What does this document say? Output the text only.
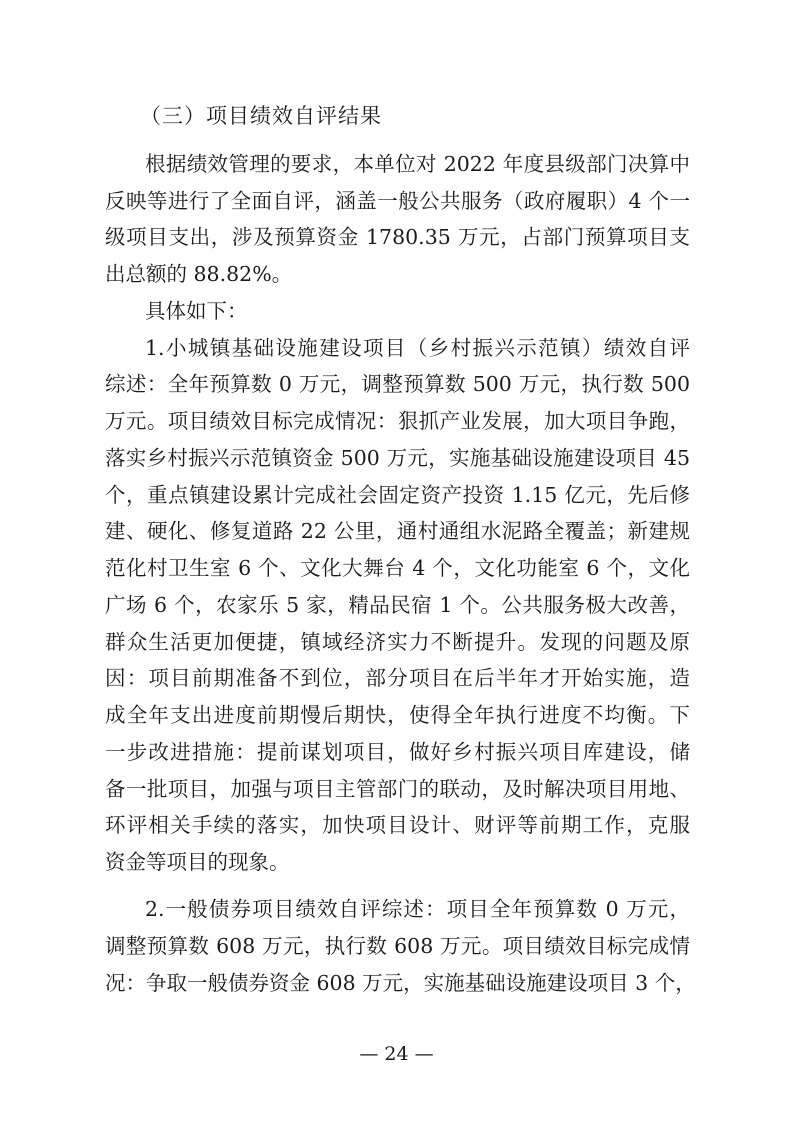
（三）项目绩效自评结果
根据绩效管理的要求，本单位对 2022 年度县级部门决算中
反映等进行了全面自评，涵盖一般公共服务（政府履职）4 个一
级项目支出，涉及预算资金 1780.35 万元，占部门预算项目支
出总额的 88.82%。
具体如下：
1.小城镇基础设施建设项目（乡村振兴示范镇）绩效自评
综述：全年预算数 0 万元，调整预算数 500 万元，执行数 500
万元。项目绩效目标完成情况：狠抓产业发展，加大项目争跑，
落实乡村振兴示范镇资金 500 万元，实施基础设施建设项目 45
个，重点镇建设累计完成社会固定资产投资 1.15 亿元，先后修
建、硬化、修复道路 22 公里，通村通组水泥路全覆盖；新建规
范化村卫生室 6 个、文化大舞台 4 个，文化功能室 6 个，文化
广场 6 个，农家乐 5 家，精品民宿 1 个。公共服务极大改善，
群众生活更加便捷，镇域经济实力不断提升。发现的问题及原
因：项目前期准备不到位，部分项目在后半年才开始实施，造
成全年支出进度前期慢后期快，使得全年执行进度不均衡。下
一步改进措施：提前谋划项目，做好乡村振兴项目库建设，储
备一批项目，加强与项目主管部门的联动，及时解决项目用地、
环评相关手续的落实，加快项目设计、财评等前期工作，克服
资金等项目的现象。
2.一般债券项目绩效自评综述：项目全年预算数 0 万元，
调整预算数 608 万元，执行数 608 万元。项目绩效目标完成情
况：争取一般债券资金 608 万元，实施基础设施建设项目 3 个，
— 24 —
